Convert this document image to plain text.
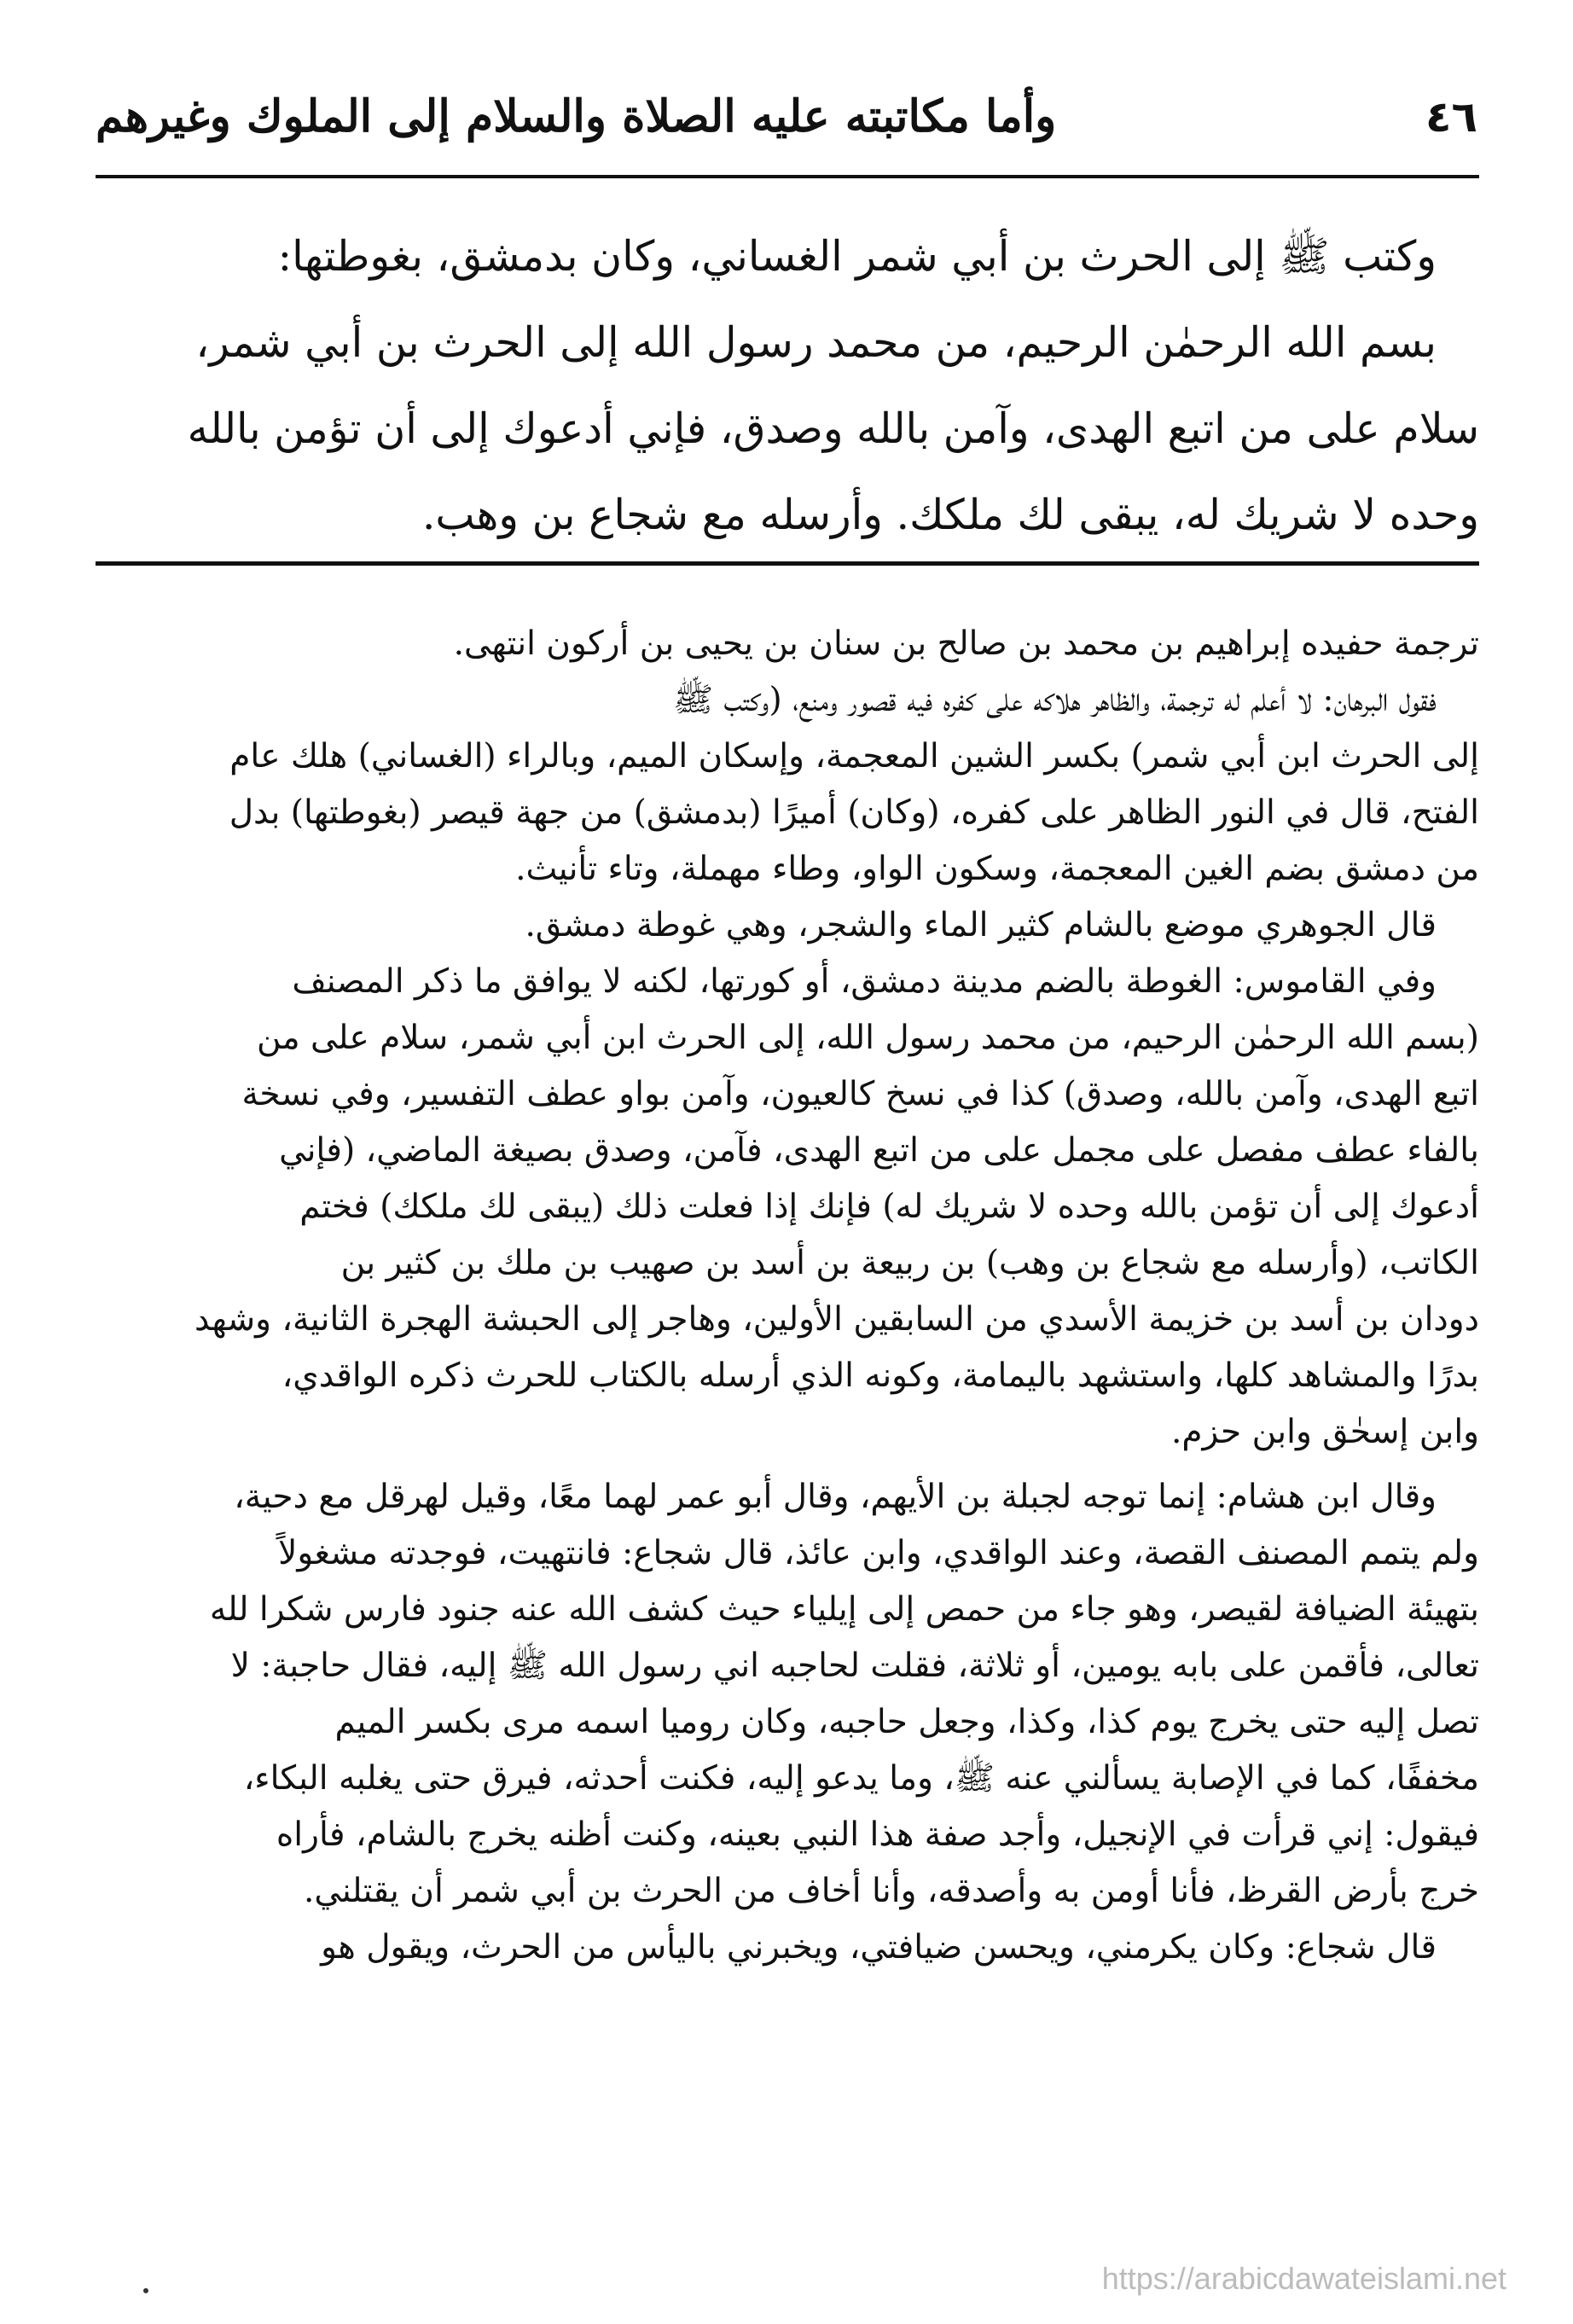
٤٦
وأما مكاتبته عليه الصلاة والسلام إلى الملوك وغيرهم
وكتب ﷺ إلى الحرث بن أبي شمر الغساني، وكان بدمشق، بغوطتها:
بسم الله الرحمٰن الرحيم، من محمد رسول الله إلى الحرث بن أبي شمر،
سلام على من اتبع الهدى، وآمن بالله وصدق، فإني أدعوك إلى أن تؤمن بالله
وحده لا شريك له، يبقى لك ملكك. وأرسله مع شجاع بن وهب.
ترجمة حفيده إبراهيم بن محمد بن صالح بن سنان بن يحيى بن أركون انتهى.
فقول البرهان: لا أعلم له ترجمة، والظاهر هلاكه على كفره فيه قصور ومنع، (وكتب ﷺ
إلى الحرث ابن أبي شمر) بكسر الشين المعجمة، وإسكان الميم، وبالراء (الغساني) هلك عام
الفتح، قال في النور الظاهر على كفره، (وكان) أميرًا (بدمشق) من جهة قيصر (بغوطتها) بدل
من دمشق بضم الغين المعجمة، وسكون الواو، وطاء مهملة، وتاء تأنيث.
قال الجوهري موضع بالشام كثير الماء والشجر، وهي غوطة دمشق.
وفي القاموس: الغوطة بالضم مدينة دمشق، أو كورتها، لكنه لا يوافق ما ذكر المصنف
(بسم الله الرحمٰن الرحيم، من محمد رسول الله، إلى الحرث ابن أبي شمر، سلام على من
اتبع الهدى، وآمن بالله، وصدق) كذا في نسخ كالعيون، وآمن بواو عطف التفسير، وفي نسخة
بالفاء عطف مفصل على مجمل على من اتبع الهدى، فآمن، وصدق بصيغة الماضي، (فإني
أدعوك إلى أن تؤمن بالله وحده لا شريك له) فإنك إذا فعلت ذلك (يبقى لك ملكك) فختم
الكاتب، (وأرسله مع شجاع بن وهب) بن ربيعة بن أسد بن صهيب بن ملك بن كثير بن
دودان بن أسد بن خزيمة الأسدي من السابقين الأولين، وهاجر إلى الحبشة الهجرة الثانية، وشهد
بدرًا والمشاهد كلها، واستشهد باليمامة، وكونه الذي أرسله بالكتاب للحرث ذكره الواقدي،
وابن إسحٰق وابن حزم.
وقال ابن هشام: إنما توجه لجبلة بن الأيهم، وقال أبو عمر لهما معًا، وقيل لهرقل مع دحية،
ولم يتمم المصنف القصة، وعند الواقدي، وابن عائذ، قال شجاع: فانتهيت، فوجدته مشغولاً
بتهيئة الضيافة لقيصر، وهو جاء من حمص إلى إيلياء حيث كشف الله عنه جنود فارس شكرا لله
تعالى، فأقمن على بابه يومين، أو ثلاثة، فقلت لحاجبه اني رسول الله ﷺ إليه، فقال حاجبة: لا
تصل إليه حتى يخرج يوم كذا، وكذا، وجعل حاجبه، وكان روميا اسمه مرى بكسر الميم
مخففًا، كما في الإصابة يسألني عنه ﷺ، وما يدعو إليه، فكنت أحدثه، فيرق حتى يغلبه البكاء،
فيقول: إني قرأت في الإنجيل، وأجد صفة هذا النبي بعينه، وكنت أظنه يخرج بالشام، فأراه
خرج بأرض القرظ، فأنا أومن به وأصدقه، وأنا أخاف من الحرث بن أبي شمر أن يقتلني.
قال شجاع: وكان يكرمني، ويحسن ضيافتي، ويخبرني باليأس من الحرث، ويقول هو
https://arabicdawateislami.net
